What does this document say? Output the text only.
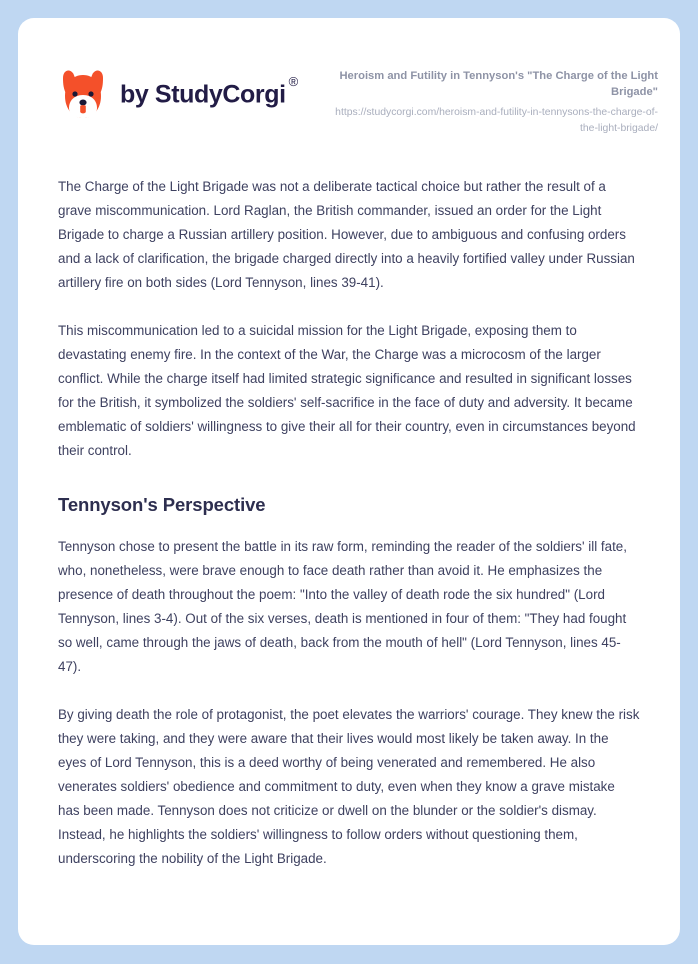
by StudyCorgi ®	Heroism and Futility in Tennyson's "The Charge of the Light Brigade"

https://studycorgi.com/heroism-and-futility-in-tennysons-the-charge-of-the-light-brigade/

The Charge of the Light Brigade was not a deliberate tactical choice but rather the result of a grave miscommunication. Lord Raglan, the British commander, issued an order for the Light Brigade to charge a Russian artillery position. However, due to ambiguous and confusing orders and a lack of clarification, the brigade charged directly into a heavily fortified valley under Russian artillery fire on both sides (Lord Tennyson, lines 39-41).

This miscommunication led to a suicidal mission for the Light Brigade, exposing them to devastating enemy fire. In the context of the War, the Charge was a microcosm of the larger conflict. While the charge itself had limited strategic significance and resulted in significant losses for the British, it symbolized the soldiers' self-sacrifice in the face of duty and adversity. It became emblematic of soldiers' willingness to give their all for their country, even in circumstances beyond their control.

Tennyson's Perspective

Tennyson chose to present the battle in its raw form, reminding the reader of the soldiers' ill fate, who, nonetheless, were brave enough to face death rather than avoid it. He emphasizes the presence of death throughout the poem: "Into the valley of death rode the six hundred" (Lord Tennyson, lines 3-4). Out of the six verses, death is mentioned in four of them: "They had fought so well, came through the jaws of death, back from the mouth of hell" (Lord Tennyson, lines 45-47).

By giving death the role of protagonist, the poet elevates the warriors' courage. They knew the risk they were taking, and they were aware that their lives would most likely be taken away. In the eyes of Lord Tennyson, this is a deed worthy of being venerated and remembered. He also venerates soldiers' obedience and commitment to duty, even when they know a grave mistake has been made. Tennyson does not criticize or dwell on the blunder or the soldier's dismay. Instead, he highlights the soldiers' willingness to follow orders without questioning them, underscoring the nobility of the Light Brigade.
